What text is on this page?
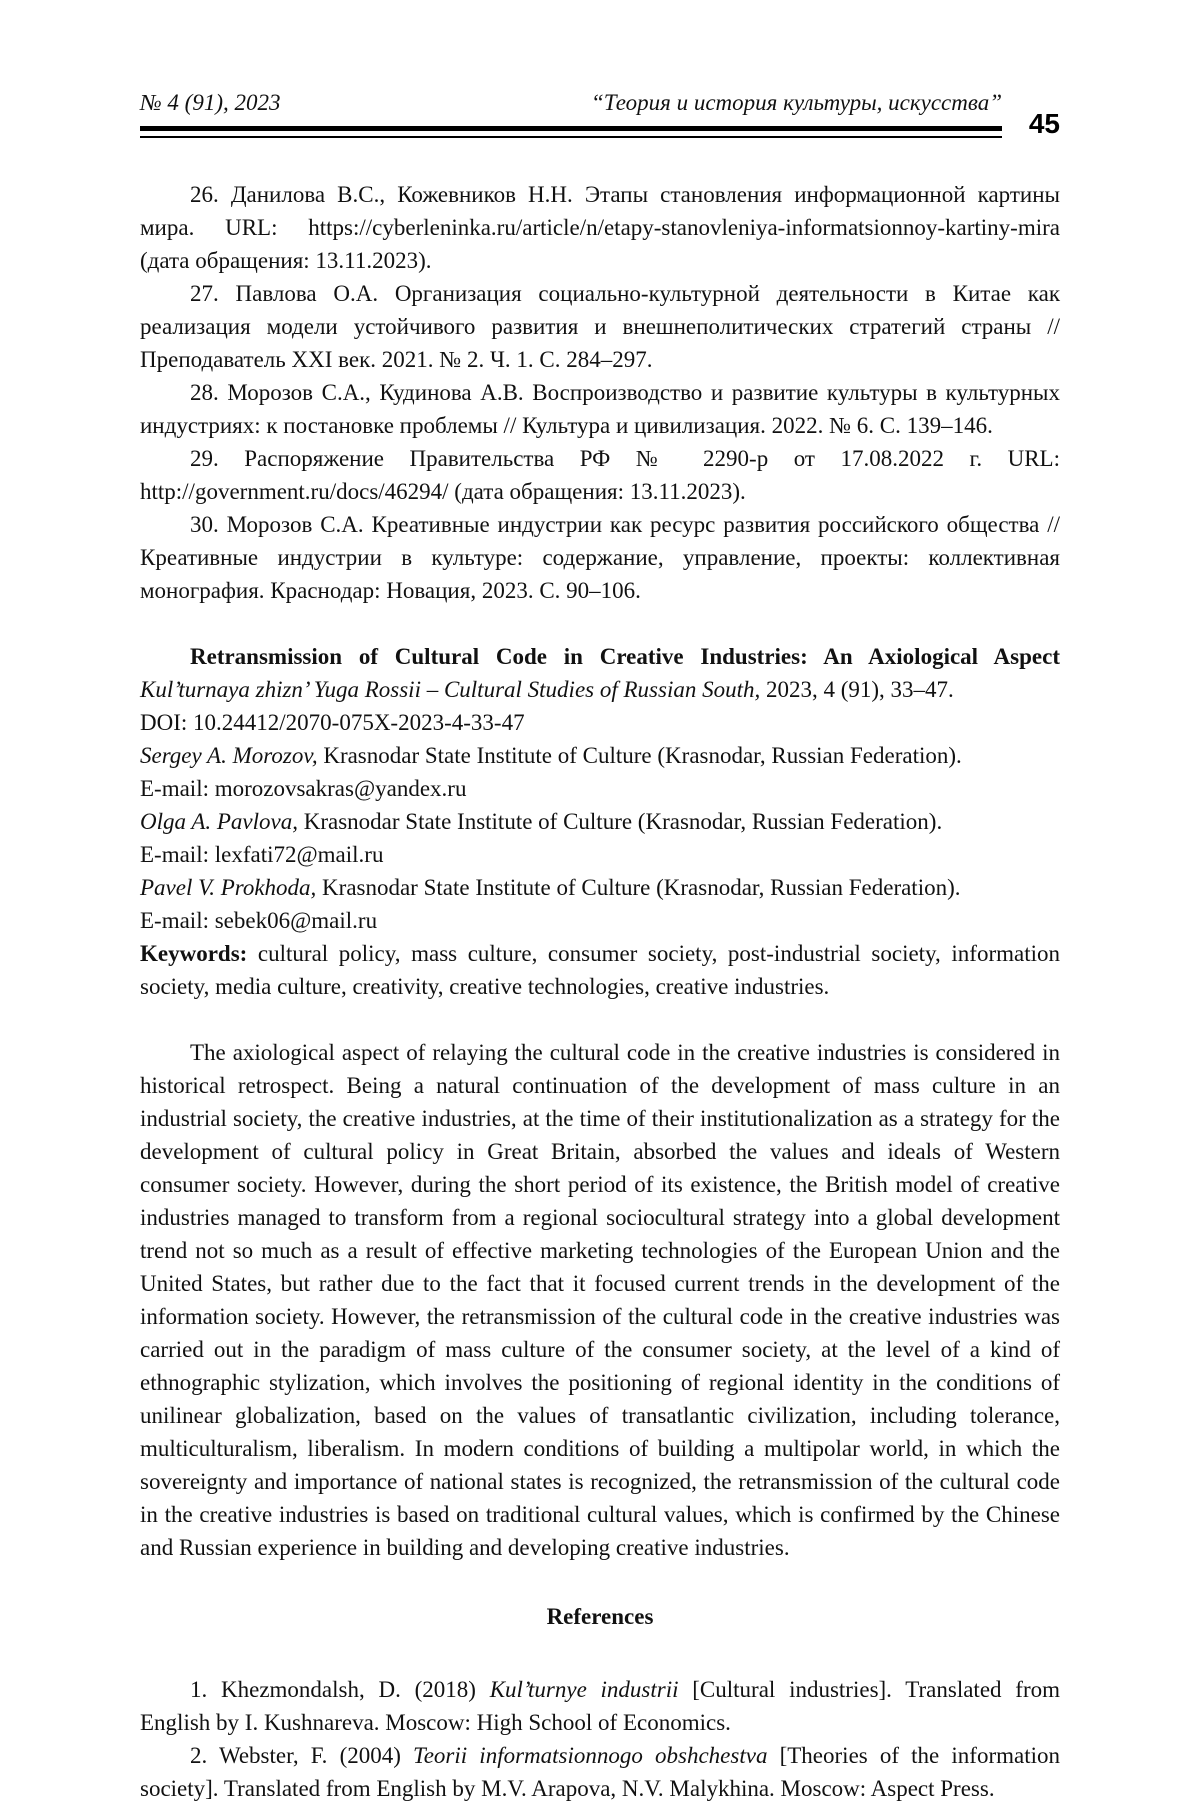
№ 4 (91), 2023	“Теория и история культуры, искусства”
45

26. Данилова В.С., Кожевников Н.Н. Этапы становления информационной картины мира. URL: https://cyberleninka.ru/article/n/etapy-stanovleniya-informatsionnoy-kartiny-mira (дата обращения: 13.11.2023).

27. Павлова О.А. Организация социально-культурной деятельности в Китае как реализация модели устойчивого развития и внешнеполитических стратегий страны // Преподаватель XXI век. 2021. № 2. Ч. 1. С. 284–297.

28. Морозов С.А., Кудинова А.В. Воспроизводство и развитие культуры в культурных индустриях: к постановке проблемы // Культура и цивилизация. 2022. № 6. С. 139–146.

29. Распоряжение Правительства РФ № 2290-р от 17.08.2022 г. URL: http://government.ru/docs/46294/ (дата обращения: 13.11.2023).

30. Морозов С.А. Креативные индустрии как ресурс развития российского общества // Креативные индустрии в культуре: содержание, управление, проекты: коллективная монография. Краснодар: Новация, 2023. С. 90–106.

Retransmission of Cultural Code in Creative Industries: An Axiological Aspect

Kul’turnaya zhizn’ Yuga Rossii – Cultural Studies of Russian South, 2023, 4 (91), 33–47.

DOI: 10.24412/2070-075X-2023-4-33-47

Sergey A. Morozov, Krasnodar State Institute of Culture (Krasnodar, Russian Federation).

E-mail: morozovsakras@yandex.ru

Olga A. Pavlova, Krasnodar State Institute of Culture (Krasnodar, Russian Federation).

E-mail: lexfati72@mail.ru

Pavel V. Prokhoda, Krasnodar State Institute of Culture (Krasnodar, Russian Federation).

E-mail: sebek06@mail.ru

Keywords: cultural policy, mass culture, consumer society, post-industrial society, information society, media culture, creativity, creative technologies, creative industries.

The axiological aspect of relaying the cultural code in the creative industries is considered in historical retrospect. Being a natural continuation of the development of mass culture in an industrial society, the creative industries, at the time of their institutionalization as a strategy for the development of cultural policy in Great Britain, absorbed the values and ideals of Western consumer society. However, during the short period of its existence, the British model of creative industries managed to transform from a regional sociocultural strategy into a global development trend not so much as a result of effective marketing technologies of the European Union and the United States, but rather due to the fact that it focused current trends in the development of the information society. However, the retransmission of the cultural code in the creative industries was carried out in the paradigm of mass culture of the consumer society, at the level of a kind of ethnographic stylization, which involves the positioning of regional identity in the conditions of unilinear globalization, based on the values of transatlantic civilization, including tolerance, multiculturalism, liberalism. In modern conditions of building a multipolar world, in which the sovereignty and importance of national states is recognized, the retransmission of the cultural code in the creative industries is based on traditional cultural values, which is confirmed by the Chinese and Russian experience in building and developing creative industries.

References

1. Khezmondalsh, D. (2018) Kul’turnye industrii [Cultural industries]. Translated from English by I. Kushnareva. Moscow: High School of Economics.

2. Webster, F. (2004) Teorii informatsionnogo obshchestva [Theories of the information society]. Translated from English by M.V. Arapova, N.V. Malykhina. Moscow: Aspect Press.
